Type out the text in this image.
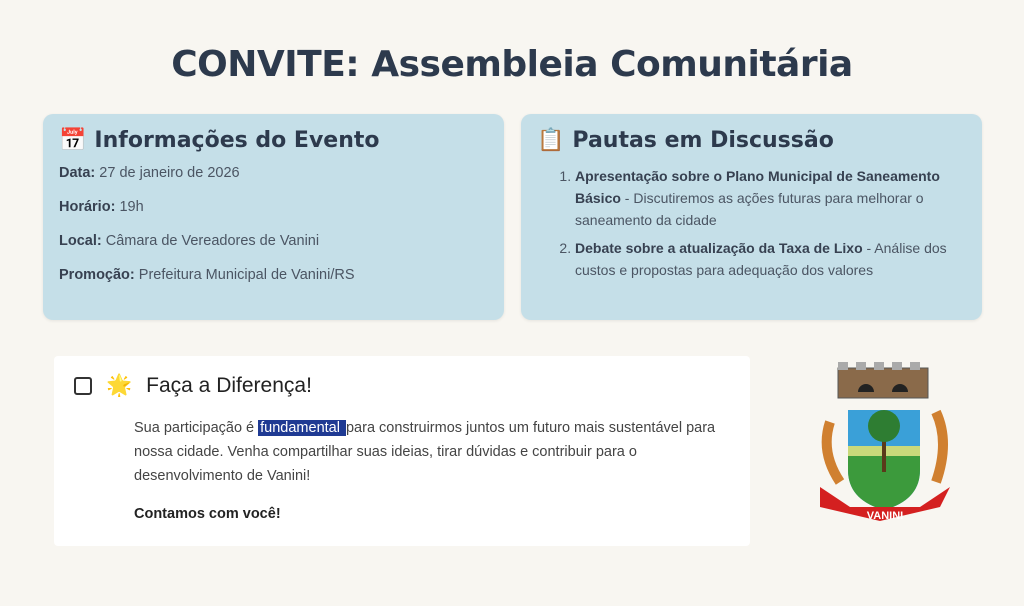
CONVITE: Assembleia Comunitária
📅 Informações do Evento

Data: 27 de janeiro de 2026

Horário: 19h

Local: Câmara de Vereadores de Vanini

Promoção: Prefeitura Municipal de Vanini/RS

📋 Pautas em Discussão
1. Apresentação sobre o Plano Municipal de Saneamento Básico - Discutiremos as ações futuras para melhorar o saneamento da cidade
2. Debate sobre a atualização da Taxa de Lixo - Análise dos custos e propostas para adequação dos valores
🌟 Faça a Diferença!

Sua participação é fundamental para construirmos juntos um futuro mais sustentável para nossa cidade. Venha compartilhar suas ideias, tirar dúvidas e contribuir para o desenvolvimento de Vanini!

Contamos com você!	VANINI
